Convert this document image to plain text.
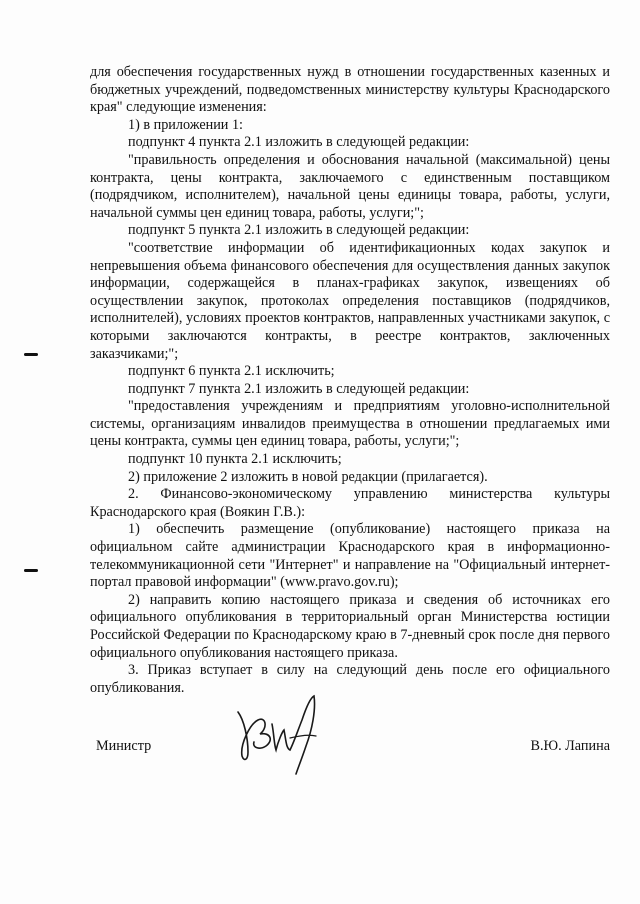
для обеспечения государственных нужд в отношении государственных казенных и бюджетных учреждений, подведомственных министерству культуры Краснодарского края" следующие изменения:

1) в приложении 1:

подпункт 4 пункта 2.1 изложить в следующей редакции:

"правильность определения и обоснования начальной (максимальной) цены контракта, цены контракта, заключаемого с единственным поставщиком (подрядчиком, исполнителем), начальной цены единицы товара, работы, услуги, начальной суммы цен единиц товара, работы, услуги;";

подпункт 5 пункта 2.1 изложить в следующей редакции:

"соответствие информации об идентификационных кодах закупок и непревышения объема финансового обеспечения для осуществления данных закупок информации, содержащейся в планах-графиках закупок, извещениях об осуществлении закупок, протоколах определения поставщиков (подрядчиков, исполнителей), условиях проектов контрактов, направленных участниками закупок, с которыми заключаются контракты, в реестре контрактов, заключенных заказчиками;";

подпункт 6 пункта 2.1 исключить;

подпункт 7 пункта 2.1 изложить в следующей редакции:

"предоставления учреждениям и предприятиям уголовно-исполнительной системы, организациям инвалидов преимущества в отношении предлагаемых ими цены контракта, суммы цен единиц товара, работы, услуги;";

подпункт 10 пункта 2.1 исключить;

2) приложение 2 изложить в новой редакции (прилагается).

2. Финансово-экономическому управлению министерства культуры Краснодарского края (Воякин Г.В.):

1) обеспечить размещение (опубликование) настоящего приказа на официальном сайте администрации Краснодарского края в информационно-телекоммуникационной сети "Интернет" и направление на "Официальный интернет-портал правовой информации" (www.pravo.gov.ru);

2) направить копию настоящего приказа и сведения об источниках его официального опубликования в территориальный орган Министерства юстиции Российской Федерации по Краснодарскому краю в 7-дневный срок после дня первого официального опубликования настоящего приказа.

3. Приказ вступает в силу на следующий день после его официального опубликования.

Министр	В.Ю. Лапина
